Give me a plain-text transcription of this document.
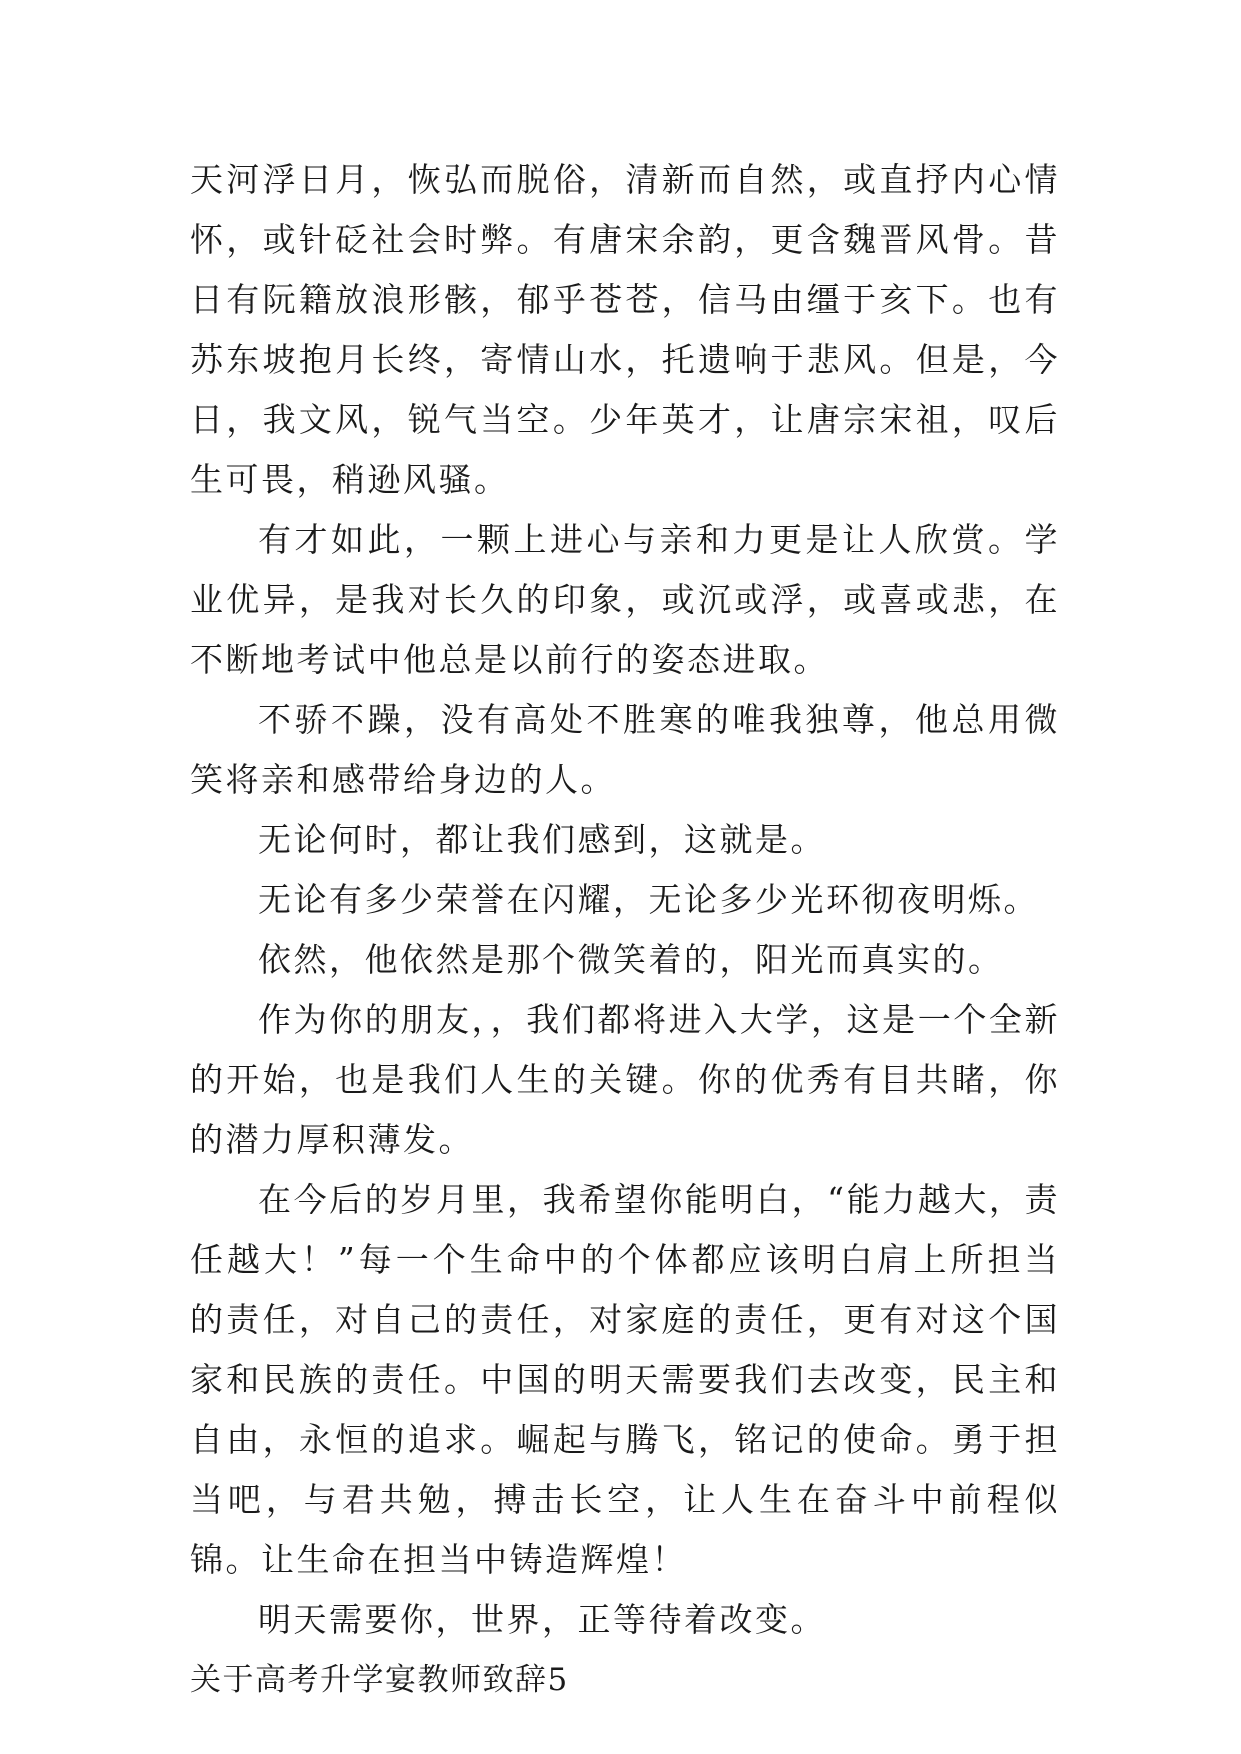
天河浮日月，恢弘而脱俗，清新而自然，或直抒内心情怀，或针砭社会时弊。有唐宋余韵，更含魏晋风骨。昔日有阮籍放浪形骸，郁乎苍苍，信马由缰于亥下。也有苏东坡抱月长终，寄情山水，托遗响于悲风。但是，今日，我文风，锐气当空。少年英才，让唐宗宋祖，叹后生可畏，稍逊风骚。

有才如此，一颗上进心与亲和力更是让人欣赏。学业优异，是我对长久的印象，或沉或浮，或喜或悲，在不断地考试中他总是以前行的姿态进取。

不骄不躁，没有高处不胜寒的唯我独尊，他总用微笑将亲和感带给身边的人。

无论何时，都让我们感到，这就是。

无论有多少荣誉在闪耀，无论多少光环彻夜明烁。

依然，他依然是那个微笑着的，阳光而真实的。

作为你的朋友，，我们都将进入大学，这是一个全新的开始，也是我们人生的关键。你的优秀有目共睹，你的潜力厚积薄发。

在今后的岁月里，我希望你能明白，“能力越大，责任越大！”每一个生命中的个体都应该明白肩上所担当的责任，对自己的责任，对家庭的责任，更有对这个国家和民族的责任。中国的明天需要我们去改变，民主和自由，永恒的追求。崛起与腾飞，铭记的使命。勇于担当吧，与君共勉，搏击长空，让人生在奋斗中前程似锦。让生命在担当中铸造辉煌！

明天需要你，世界，正等待着改变。

关于高考升学宴教师致辞5
